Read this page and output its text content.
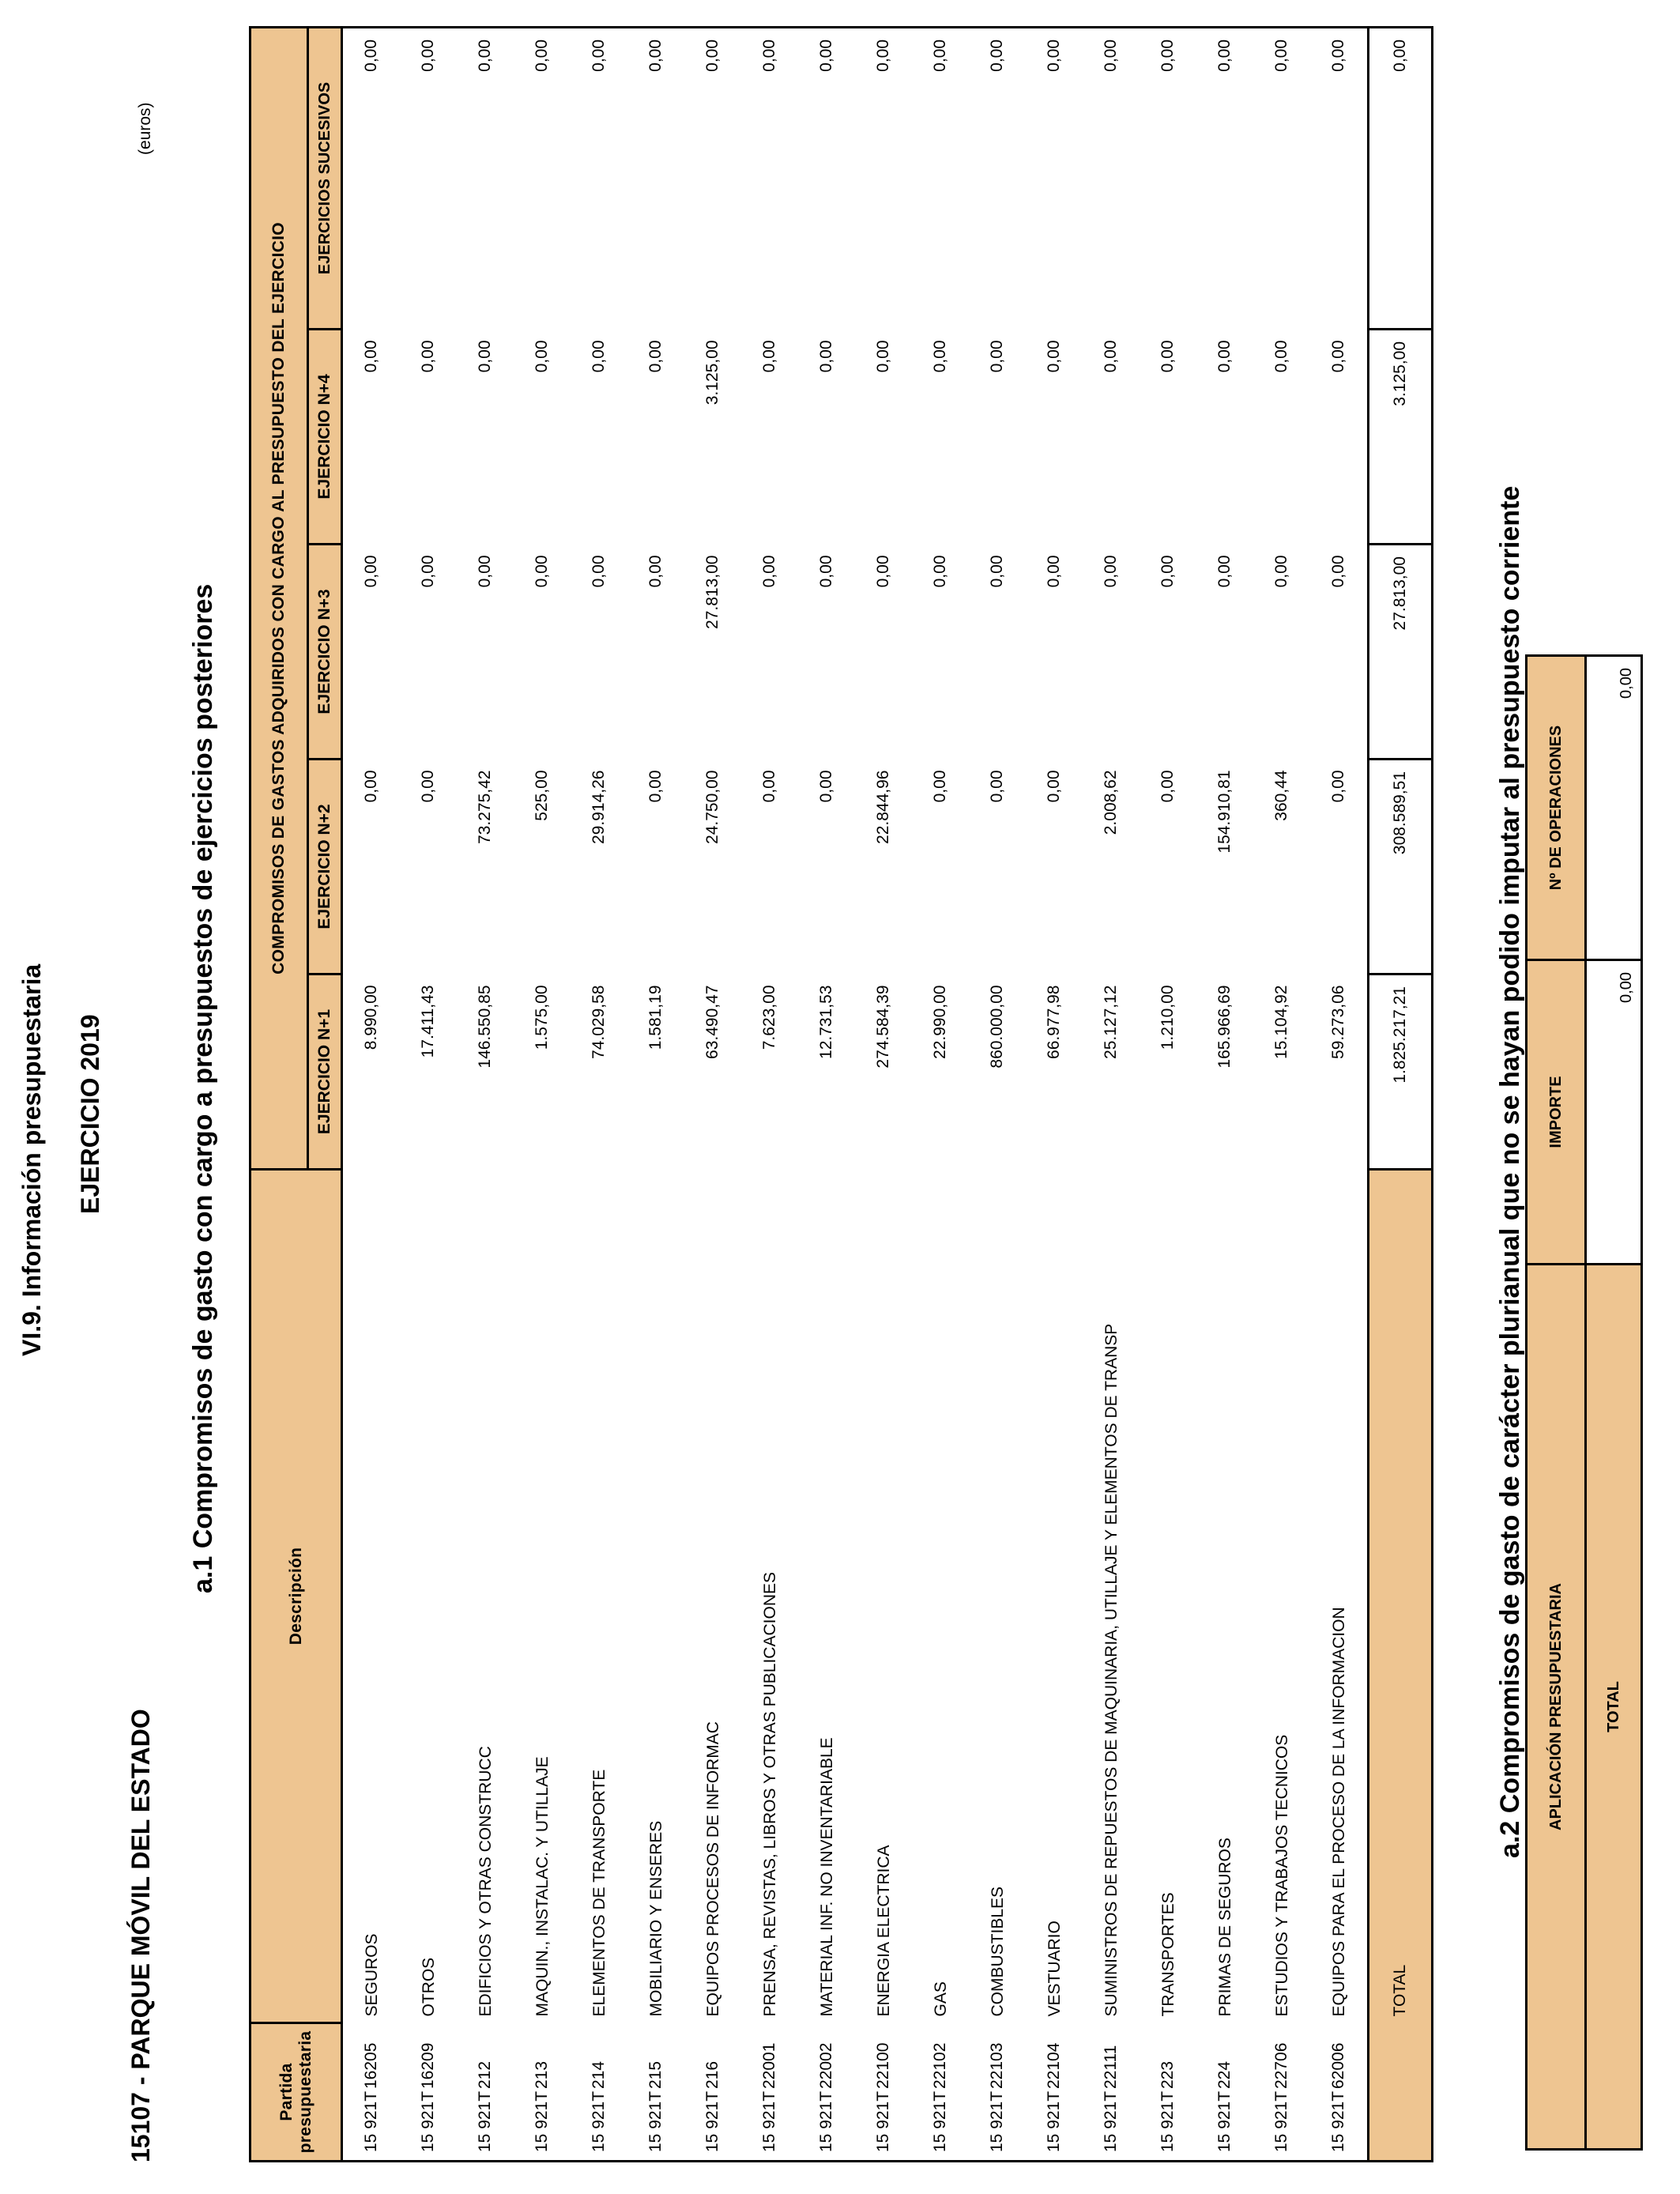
VI.9. Información presupuestaria EJERCICIO 2019
15107 - PARQUE MÓVIL DEL ESTADO
(euros)
a.1 Compromisos de gasto con cargo a presupuestos de ejercicios posteriores
Partida presupuestaria	Descripción	COMPROMISOS DE GASTOS ADQUIRIDOS CON CARGO AL PRESUPUESTO DEL EJERCICIO				
		EJERCICIO N+1	EJERCICIO N+2	EJERCICIO N+3	EJERCICIO N+4	EJERCICIOS SUCESIVOS
15 921T16205	SEGUROS	8.990,00	0,00	0,00	0,00	0,00
15 921T16209	OTROS	17.411,43	0,00	0,00	0,00	0,00
15 921T212	EDIFICIOS Y OTRAS CONSTRUCC	146.550,85	73.275,42	0,00	0,00	0,00
15 921T213	MAQUIN., INSTALAC. Y UTILLAJE	1.575,00	525,00	0,00	0,00	0,00
15 921T214	ELEMENTOS DE TRANSPORTE	74.029,58	29.914,26	0,00	0,00	0,00
15 921T215	MOBILIARIO Y ENSERES	1.581,19	0,00	0,00	0,00	0,00
15 921T216	EQUIPOS PROCESOS DE INFORMAC	63.490,47	24.750,00	27.813,00	3.125,00	0,00
15 921T22001	PRENSA, REVISTAS, LIBROS Y OTRAS PUBLICACIONES	7.623,00	0,00	0,00	0,00	0,00
15 921T22002	MATERIAL INF. NO INVENTARIABLE	12.731,53	0,00	0,00	0,00	0,00
15 921T22100	ENERGIA ELECTRICA	274.584,39	22.844,96	0,00	0,00	0,00
15 921T22102	GAS	22.990,00	0,00	0,00	0,00	0,00
15 921T22103	COMBUSTIBLES	860.000,00	0,00	0,00	0,00	0,00
15 921T22104	VESTUARIO	66.977,98	0,00	0,00	0,00	0,00
15 921T22111	SUMINISTROS DE REPUESTOS DE MAQUINARIA, UTILLAJE Y ELEMENTOS DE TRANSP	25.127,12	2.008,62	0,00	0,00	0,00
15 921T223	TRANSPORTES	1.210,00	0,00	0,00	0,00	0,00
15 921T224	PRIMAS DE SEGUROS	165.966,69	154.910,81	0,00	0,00	0,00
15 921T22706	ESTUDIOS Y TRABAJOS TECNICOS	15.104,92	360,44	0,00	0,00	0,00
15 921T62006	EQUIPOS PARA EL PROCESO DE LA INFORMACION	59.273,06	0,00	0,00	0,00	0,00
	TOTAL	1.825.217,21	308.589,51	27.813,00	3.125,00	0,00
a.2 Compromisos de gasto de carácter plurianual que no se hayan podido imputar al presupuesto corriente APLICACIÓN PRESUPUESTARIA	IMPORTE	Nº DE OPERACIONES
TOTAL	0,00	0,00
